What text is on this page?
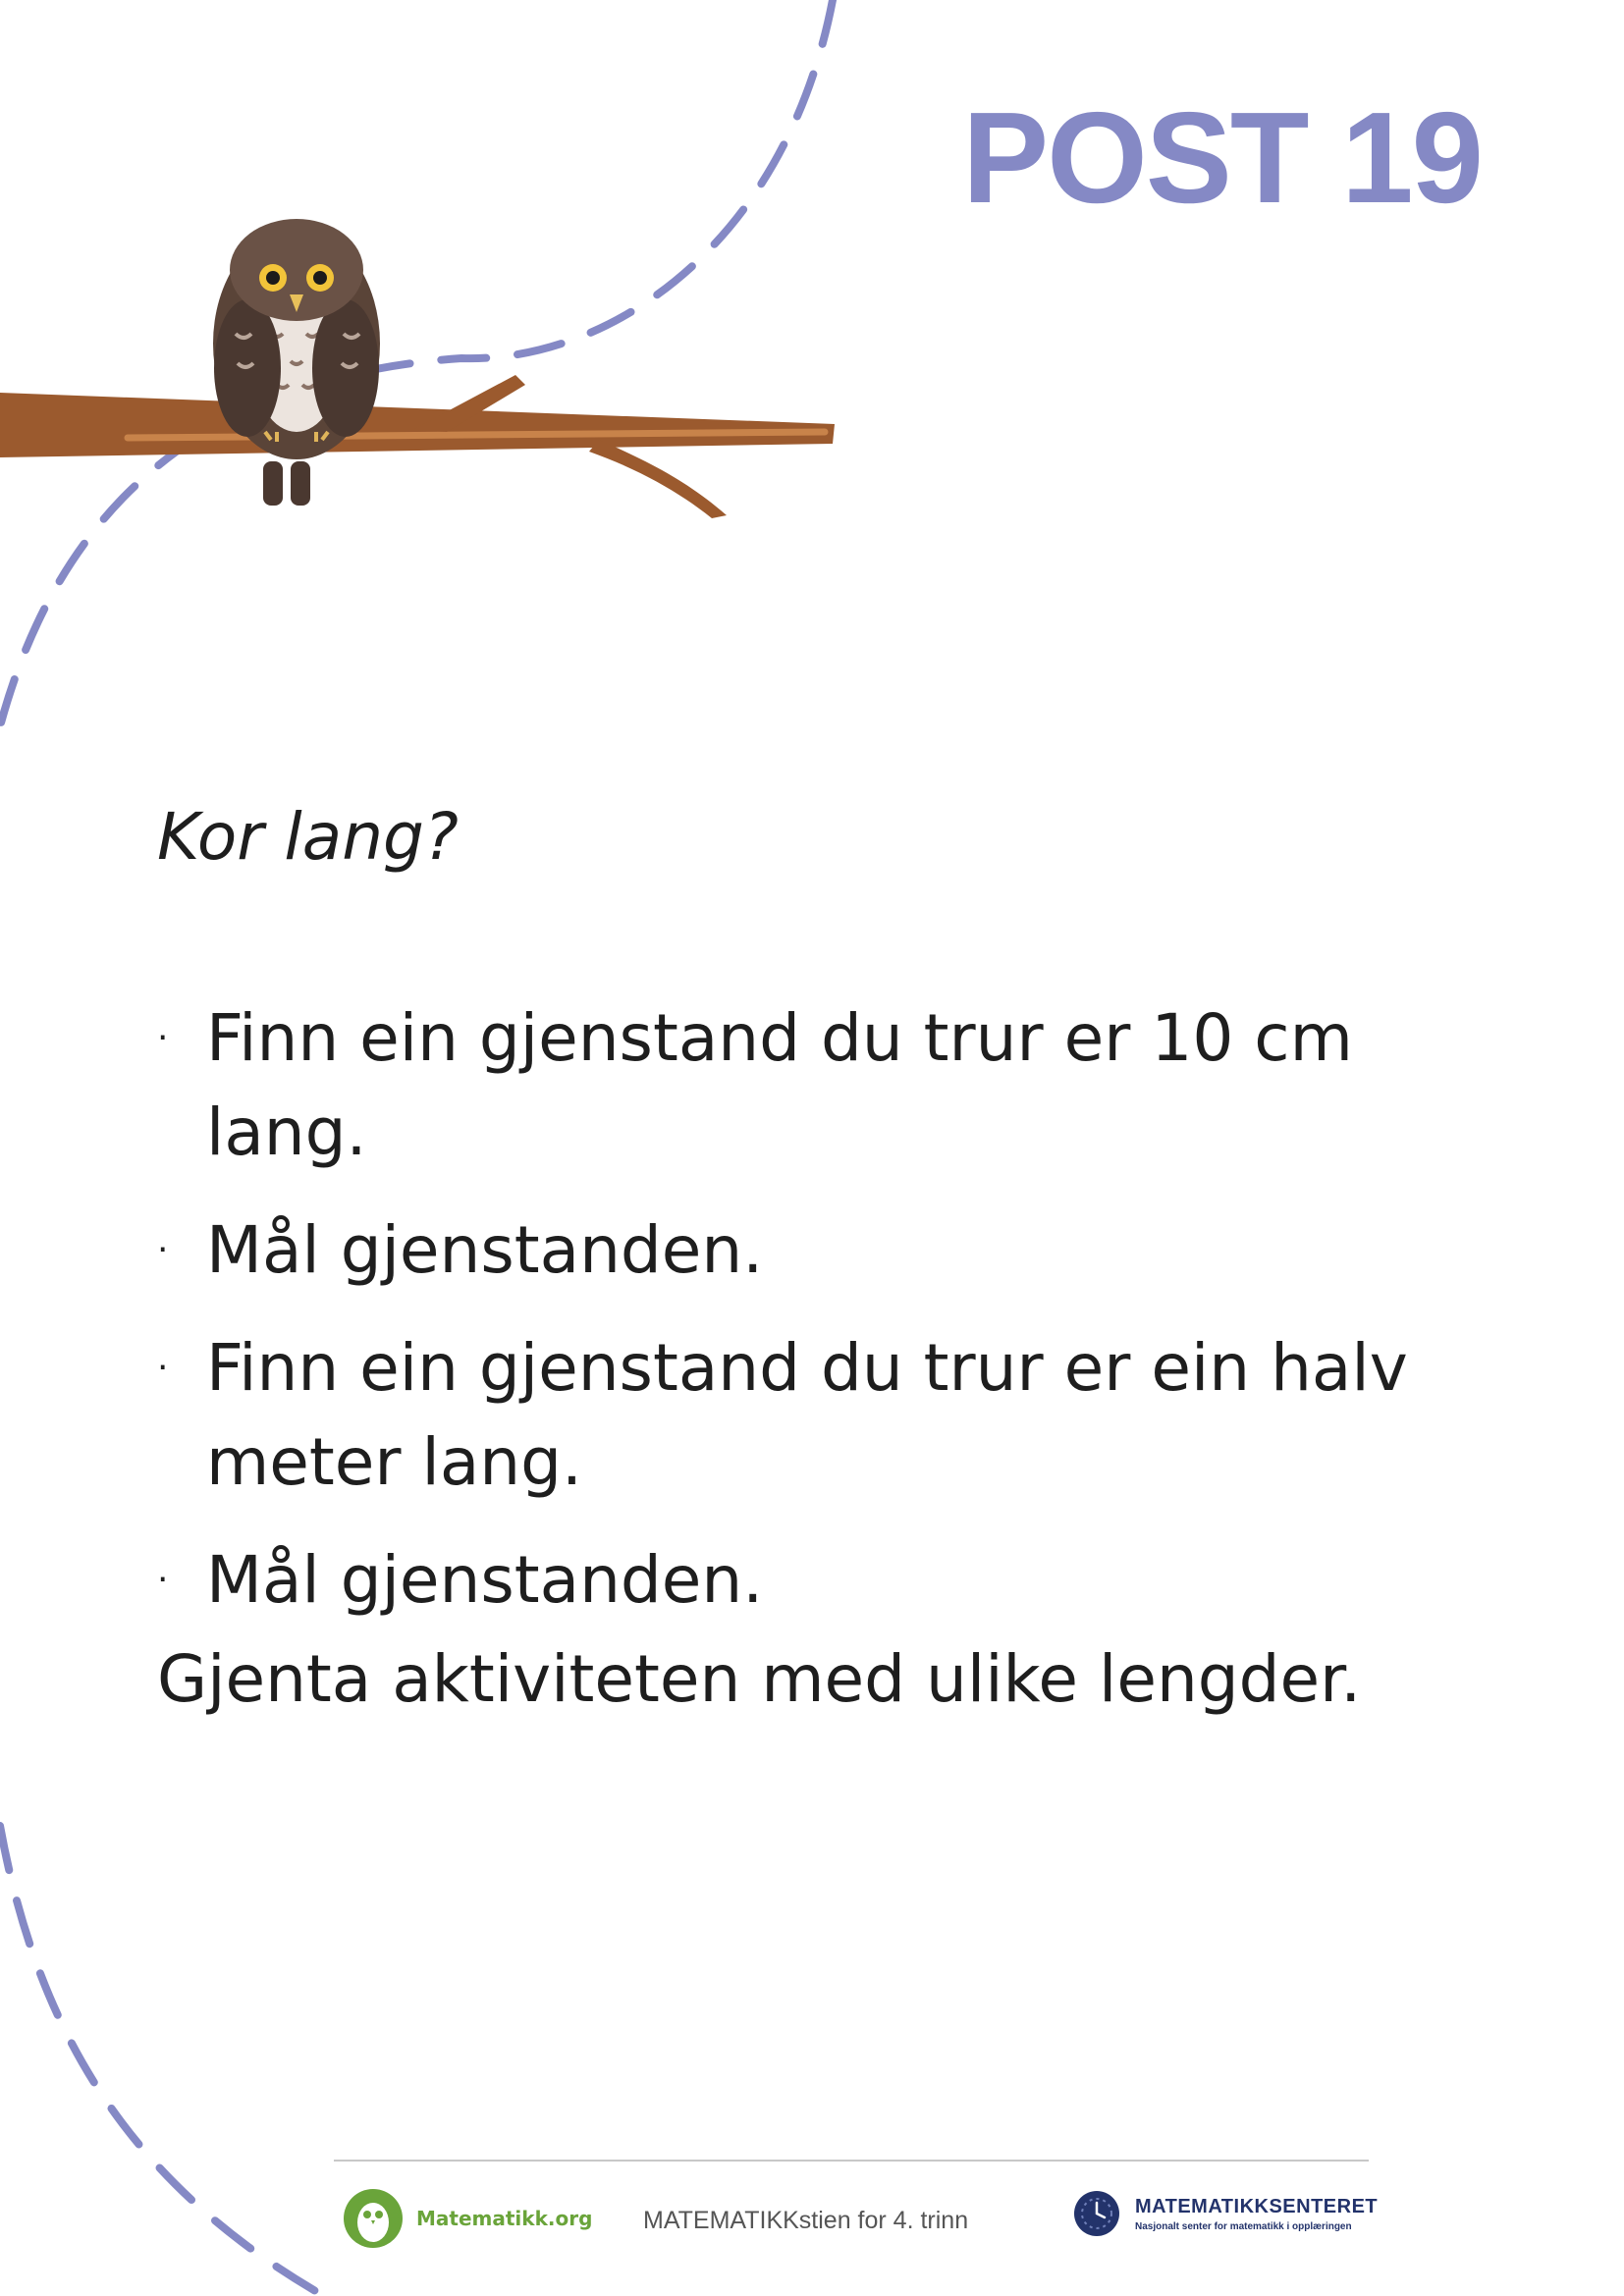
POST 19
Kor lang?
· Finn ein gjenstand du trur er 10 cm lang.
· Mål gjenstanden.
· Finn ein gjenstand du trur er ein halv meter lang.
· Mål gjenstanden.
Gjenta aktiviteten med ulike lengder.
Matematikk.org MATEMATIKKstien for 4. trinn
MATEMATIKKSENTERET
Nasjonalt senter for matematikk i opplæringen
